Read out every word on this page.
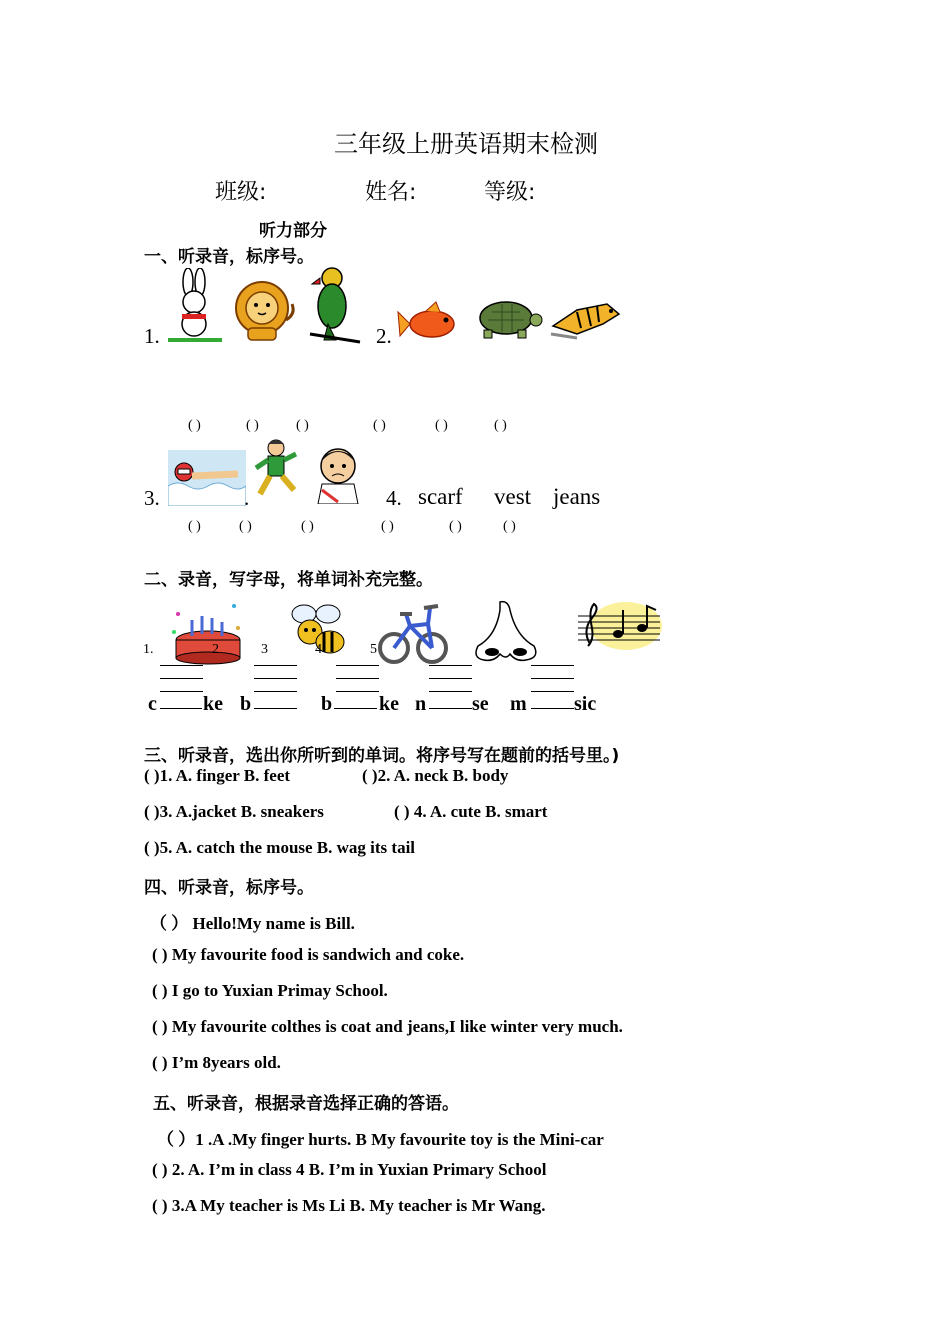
三年级上册英语期末检测
班级:	姓名:	等级:
听力部分
一、听录音，标序号。
1.	2.
( )	( )	( )	( )	( )	( )
3.	.	4. scarf vest jeans
( )	( )	( )	( )	( )	( )
二、录音，写字母，将单词补充完整。
1.	2	3	4	5
c ke b	b ke n se m sic
三、听录音，选出你所听到的单词。将序号写在题前的括号里。)
( )1. A. finger B. feet	( )2. A. neck B. body
( )3. A.jacket B. sneakers	( ) 4. A. cute B. smart
( )5. A. catch the mouse B. wag its tail
四、听录音，标序号。
（ ） Hello!My name is Bill.
( ) My favourite food is sandwich and coke.
( ) I go to Yuxian Primay School.
( ) My favourite colthes is coat and jeans,I like winter very much.
( ) I’m 8years old.
五、听录音，根据录音选择正确的答语。
（ ）1 .A .My finger hurts. B My favourite toy is the Mini-car
( ) 2. A. I’m in class 4 B. I’m in Yuxian Primary School
( ) 3.A My teacher is Ms Li B. My teacher is Mr Wang.
